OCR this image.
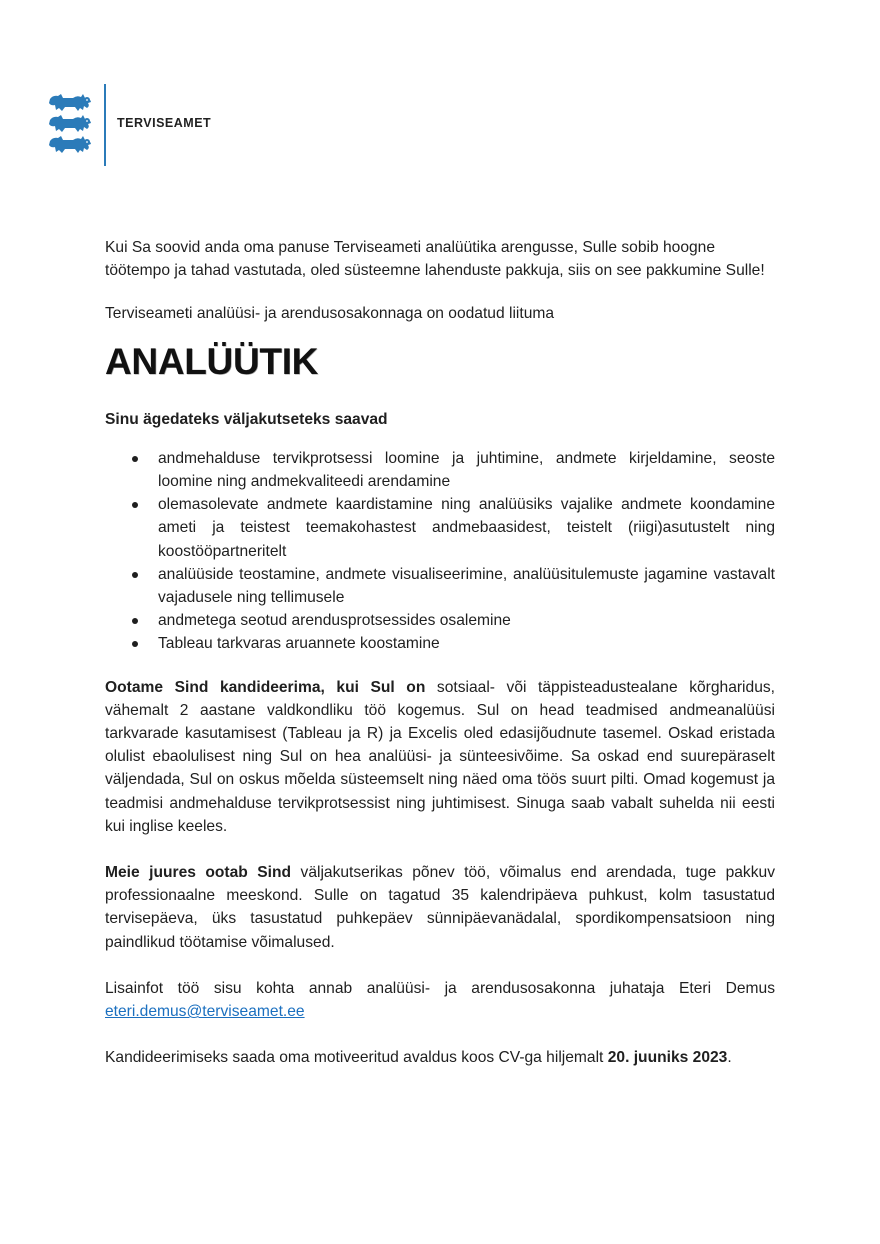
TERVISEAMET

Kui Sa soovid anda oma panuse Terviseameti analüütika arengusse, Sulle sobib hoogne töötempo ja tahad vastutada, oled süsteemne lahenduste pakkuja, siis on see pakkumine Sulle!

Terviseameti analüüsi- ja arendusosakonnaga on oodatud liituma

ANALÜÜTIK

Sinu ägedateks väljakutseteks saavad

andmehalduse tervikprotsessi loomine ja juhtimine, andmete kirjeldamine, seoste loomine ning andmekvaliteedi arendamine
olemasolevate andmete kaardistamine ning analüüsiks vajalike andmete koondamine ameti ja teistest teemakohastest andmebaasidest, teistelt (riigi)asutustelt ning koostööpartneritelt
analüüside teostamine, andmete visualiseerimine, analüüsitulemuste jagamine vastavalt vajadusele ning tellimusele
andmetega seotud arendusprotsessides osalemine
Tableau tarkvaras aruannete koostamine

Ootame Sind kandideerima, kui Sul on sotsiaal- või täppisteadustealane kõrgharidus, vähemalt 2 aastane valdkondliku töö kogemus. Sul on head teadmised andmeanalüüsi tarkvarade kasutamisest (Tableau ja R) ja Excelis oled edasijõudnute tasemel. Oskad eristada olulist ebaolulisest ning Sul on hea analüüsi- ja sünteesivõime. Sa oskad end suurepäraselt väljendada, Sul on oskus mõelda süsteemselt ning näed oma töös suurt pilti. Omad kogemust ja teadmisi andmehalduse tervikprotsessist ning juhtimisest. Sinuga saab vabalt suhelda nii eesti kui inglise keeles.

Meie juures ootab Sind väljakutserikas põnev töö, võimalus end arendada, tuge pakkuv professionaalne meeskond. Sulle on tagatud 35 kalendripäeva puhkust, kolm tasustatud tervisepäeva, üks tasustatud puhkepäev sünnipäevanädalal, spordikompensatsioon ning paindlikud töötamise võimalused.

Lisainfot töö sisu kohta annab analüüsi- ja arendusosakonna juhataja Eteri Demus eteri.demus@terviseamet.ee

Kandideerimiseks saada oma motiveeritud avaldus koos CV-ga hiljemalt 20. juuniks 2023.
